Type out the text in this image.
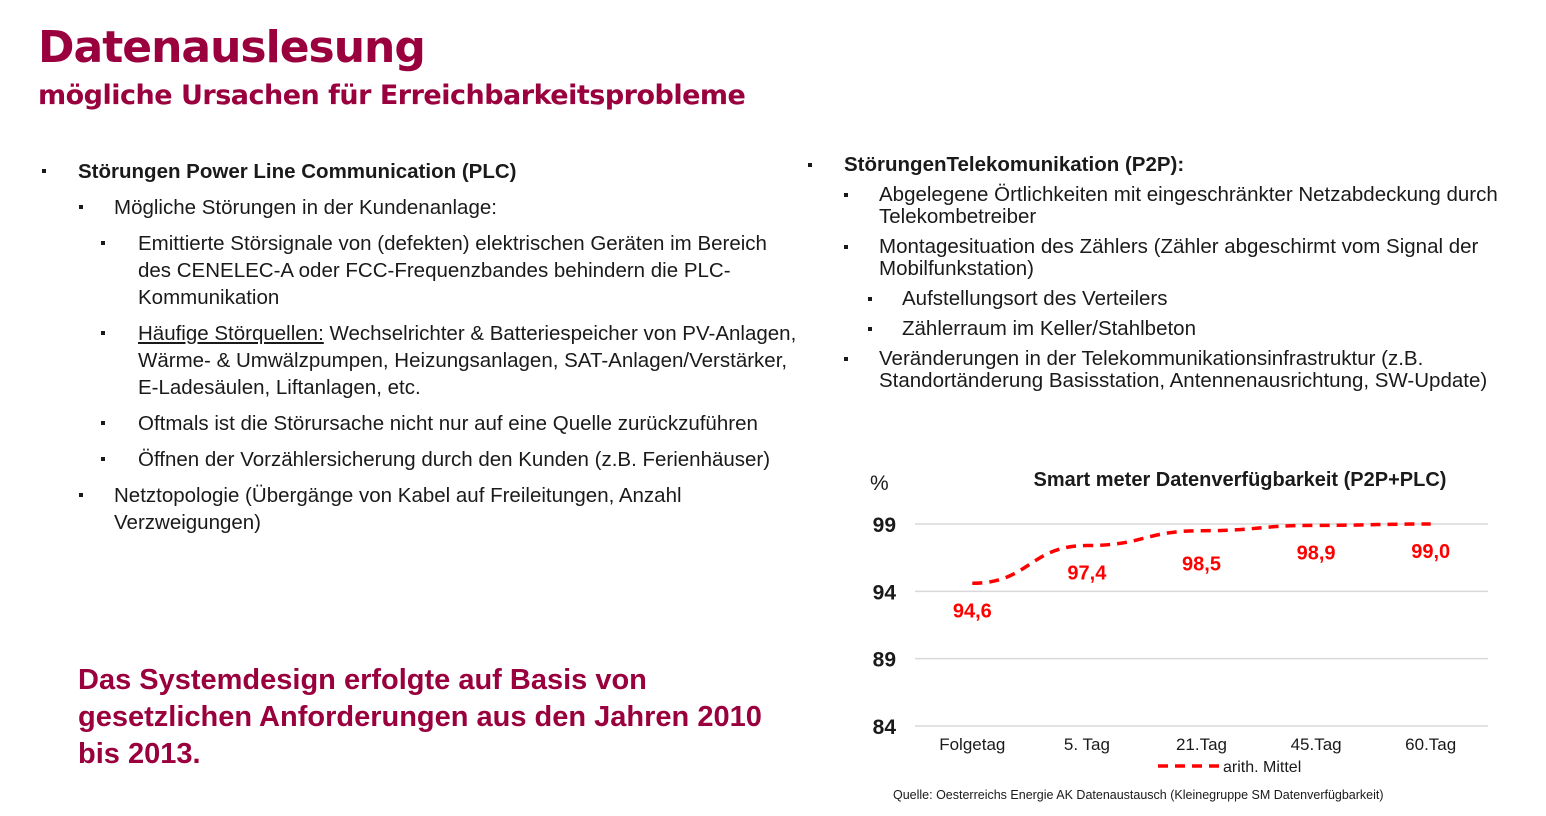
Datenauslesung
mögliche Ursachen für Erreichbarkeitsprobleme
Störungen Power Line Communication (PLC)
Mögliche Störungen in der Kundenanlage:
Emittierte Störsignale von (defekten) elektrischen Geräten im Bereich des CENELEC-A oder FCC-Frequenzbandes behindern die PLC-Kommunikation
Häufige Störquellen: Wechselrichter & Batteriespeicher von PV-Anlagen, Wärme- & Umwälzpumpen, Heizungsanlagen, SAT-Anlagen/Verstärker, E-Ladesäulen, Liftanlagen, etc.
Oftmals ist die Störursache nicht nur auf eine Quelle zurückzuführen
Öffnen der Vorzählersicherung durch den Kunden (z.B. Ferienhäuser)
Netztopologie (Übergänge von Kabel auf Freileitungen, Anzahl Verzweigungen)

Das Systemdesign erfolgte auf Basis von gesetzlichen Anforderungen aus den Jahren 2010 bis 2013.

StörungenTelekomunikation (P2P):
Abgelegene Örtlichkeiten mit eingeschränkter Netzabdeckung durch Telekombetreiber
Montagesituation des Zählers (Zähler abgeschirmt vom Signal der Mobilfunkstation)
Aufstellungsort des Verteilers
Zählerraum im Keller/Stahlbeton
Veränderungen in der Telekommunikationsinfrastruktur (z.B. Standortänderung Basisstation, Antennenausrichtung, SW-Update)
Smart meter Datenverfügbarkeit (P2P+PLC)
%
84
89
94
99
Folgetag	5. Tag	21.Tag	45.Tag	60.Tag
94,6
97,4	98,5
98,9	99,0
arith. Mittel
Quelle: Oesterreichs Energie AK Datenaustausch (Kleinegruppe SM Datenverfügbarkeit)
